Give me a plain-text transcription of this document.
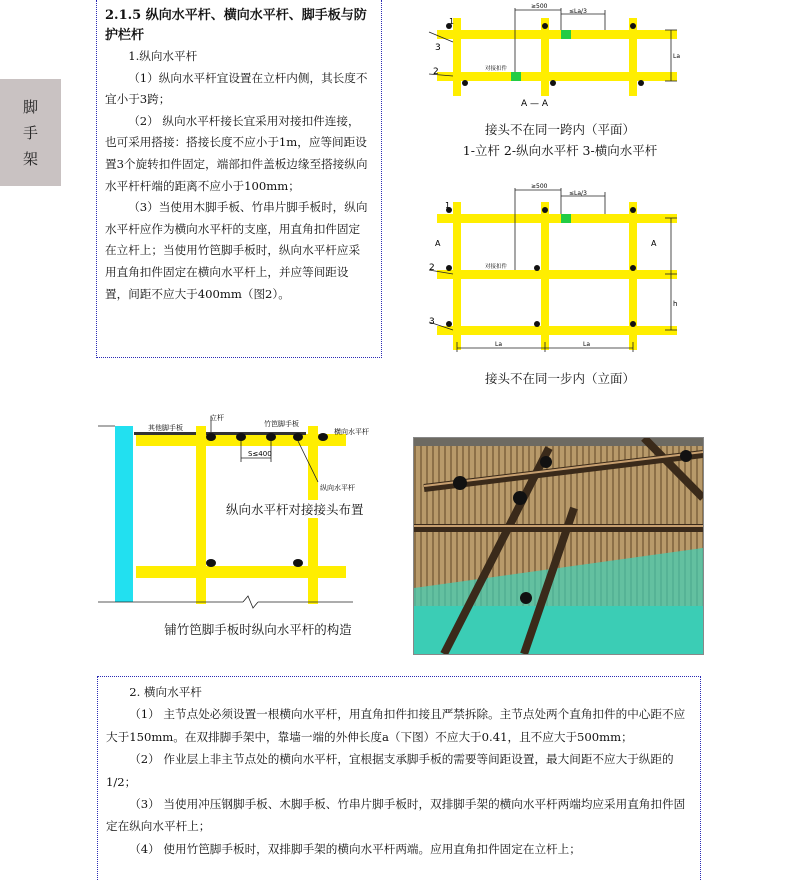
脚
手
架
2.1.5 纵向水平杆、横向水平杆、脚手板与防护栏杆

1.纵向水平杆

（1）纵向水平杆宜设置在立杆内侧，其长度不宜小于3跨；

（2） 纵向水平杆接长宜采用对接扣件连接，也可采用搭接：搭接长度不应小于1m，应等间距设置3个旋转扣件固定，端部扣件盖板边缘至搭接纵向水平杆杆端的距离不应小于100mm；

（3）当使用木脚手板、竹串片脚手板时，纵向水平杆应作为横向水平杆的支座，用直角扣件固定在立杆上；当使用竹笆脚手板时，纵向水平杆应采用直角扣件固定在横向水平杆上，并应等间距设置，间距不应大于400mm（图2）。

1
3
2
≥500
≤La/3
La
对接扣件
A — A
接头不在同一跨内（平面）
1-立杆 2-纵向水平杆 3-横向水平杆
1
2
3
A	A
h
≥500
≤La/3
对接扣件
La	La
接头不在同一步内（立面）
其他脚手板
立杆
竹笆脚手板
横向水平杆
S≤400
纵向水平杆
纵向水平杆对接接头布置
铺竹笆脚手板时纵向水平杆的构造

2. 横向水平杆

（1） 主节点处必须设置一根横向水平杆，用直角扣件扣接且严禁拆除。主节点处两个直角扣件的中心距不应大于150mm。在双排脚手架中，靠墙一端的外伸长度a（下图）不应大于0.41，且不应大于500mm；

（2） 作业层上非主节点处的横向水平杆，宜根据支承脚手板的需要等间距设置，最大间距不应大于纵距的1/2；

（3） 当使用冲压钢脚手板、木脚手板、竹串片脚手板时，双排脚手架的横向水平杆两端均应采用直角扣件固定在纵向水平杆上；

（4） 使用竹笆脚手板时，双排脚手架的横向水平杆两端。应用直角扣件固定在立杆上；
